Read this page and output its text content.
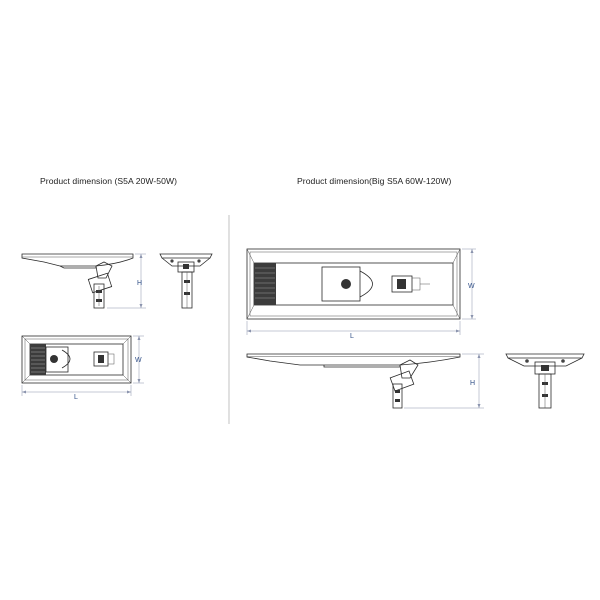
Product dimension (S5A 20W-50W)	Product dimension(Big S5A 60W-120W)
H
W
L
W
L
H
